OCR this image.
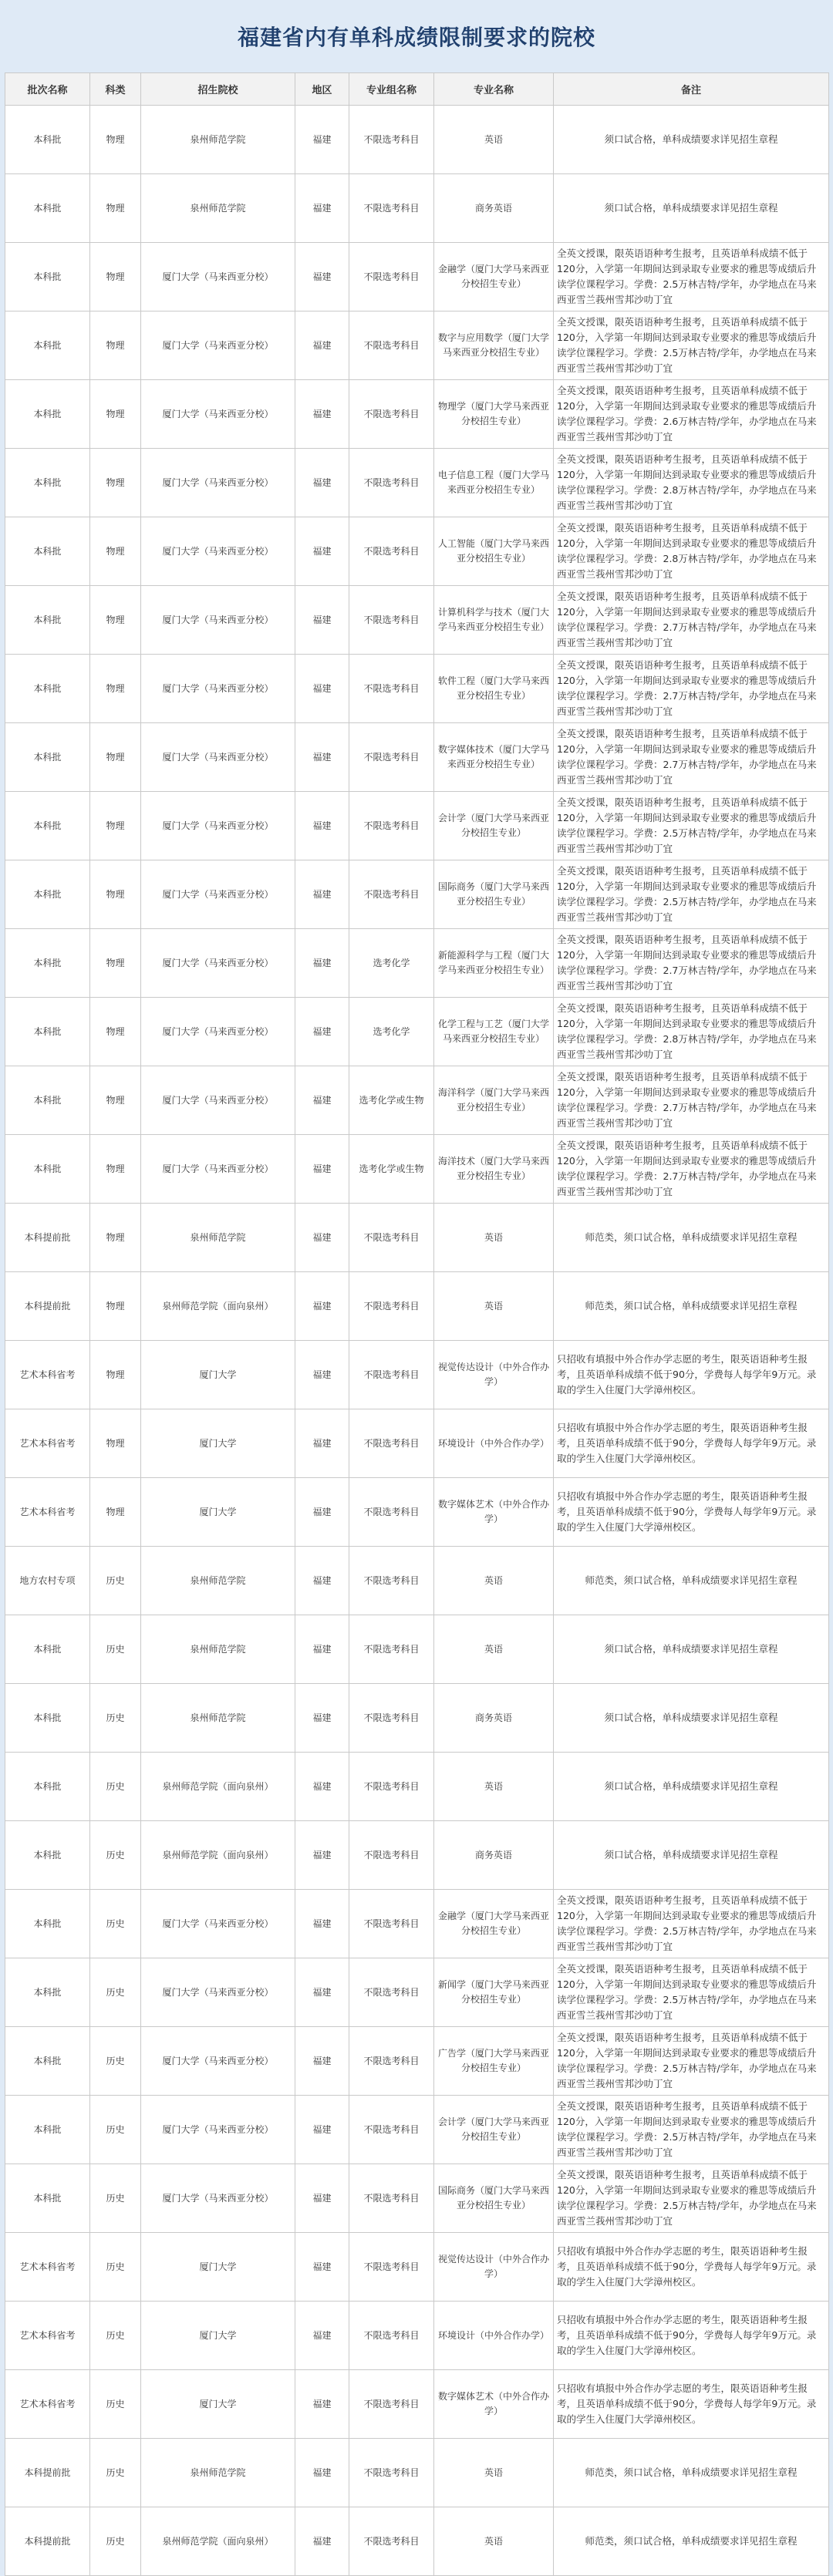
福建省内有单科成绩限制要求的院校
批次名称	科类	招生院校	地区	专业组名称	专业名称	备注
本科批	物理	泉州师范学院	福建	不限选考科目	英语	须口试合格，单科成绩要求详见招生章程
本科批	物理	泉州师范学院	福建	不限选考科目	商务英语	须口试合格，单科成绩要求详见招生章程
本科批	物理	厦门大学（马来西亚分校）	福建	不限选考科目	金融学（厦门大学马来西亚分校招生专业）	全英文授课，限英语语种考生报考，且英语单科成绩不低于120分，入学第一年期间达到录取专业要求的雅思等成绩后升读学位课程学习。学费：2.5万林吉特/学年，办学地点在马来西亚雪兰莪州雪邦沙叻丁宜
本科批	物理	厦门大学（马来西亚分校）	福建	不限选考科目	数字与应用数学（厦门大学马来西亚分校招生专业）	全英文授课，限英语语种考生报考，且英语单科成绩不低于120分，入学第一年期间达到录取专业要求的雅思等成绩后升读学位课程学习。学费：2.5万林吉特/学年，办学地点在马来西亚雪兰莪州雪邦沙叻丁宜
本科批	物理	厦门大学（马来西亚分校）	福建	不限选考科目	物理学（厦门大学马来西亚分校招生专业）	全英文授课，限英语语种考生报考，且英语单科成绩不低于120分，入学第一年期间达到录取专业要求的雅思等成绩后升读学位课程学习。学费：2.6万林吉特/学年，办学地点在马来西亚雪兰莪州雪邦沙叻丁宜
本科批	物理	厦门大学（马来西亚分校）	福建	不限选考科目	电子信息工程（厦门大学马来西亚分校招生专业）	全英文授课，限英语语种考生报考，且英语单科成绩不低于120分，入学第一年期间达到录取专业要求的雅思等成绩后升读学位课程学习。学费：2.8万林吉特/学年，办学地点在马来西亚雪兰莪州雪邦沙叻丁宜
本科批	物理	厦门大学（马来西亚分校）	福建	不限选考科目	人工智能（厦门大学马来西亚分校招生专业）	全英文授课，限英语语种考生报考，且英语单科成绩不低于120分，入学第一年期间达到录取专业要求的雅思等成绩后升读学位课程学习。学费：2.8万林吉特/学年，办学地点在马来西亚雪兰莪州雪邦沙叻丁宜
本科批	物理	厦门大学（马来西亚分校）	福建	不限选考科目	计算机科学与技术（厦门大学马来西亚分校招生专业）	全英文授课，限英语语种考生报考，且英语单科成绩不低于120分，入学第一年期间达到录取专业要求的雅思等成绩后升读学位课程学习。学费：2.7万林吉特/学年，办学地点在马来西亚雪兰莪州雪邦沙叻丁宜
本科批	物理	厦门大学（马来西亚分校）	福建	不限选考科目	软件工程（厦门大学马来西亚分校招生专业）	全英文授课，限英语语种考生报考，且英语单科成绩不低于120分，入学第一年期间达到录取专业要求的雅思等成绩后升读学位课程学习。学费：2.7万林吉特/学年，办学地点在马来西亚雪兰莪州雪邦沙叻丁宜
本科批	物理	厦门大学（马来西亚分校）	福建	不限选考科目	数字媒体技术（厦门大学马来西亚分校招生专业）	全英文授课，限英语语种考生报考，且英语单科成绩不低于120分，入学第一年期间达到录取专业要求的雅思等成绩后升读学位课程学习。学费：2.7万林吉特/学年，办学地点在马来西亚雪兰莪州雪邦沙叻丁宜
本科批	物理	厦门大学（马来西亚分校）	福建	不限选考科目	会计学（厦门大学马来西亚分校招生专业）	全英文授课，限英语语种考生报考，且英语单科成绩不低于120分，入学第一年期间达到录取专业要求的雅思等成绩后升读学位课程学习。学费：2.5万林吉特/学年，办学地点在马来西亚雪兰莪州雪邦沙叻丁宜
本科批	物理	厦门大学（马来西亚分校）	福建	不限选考科目	国际商务（厦门大学马来西亚分校招生专业）	全英文授课，限英语语种考生报考，且英语单科成绩不低于120分，入学第一年期间达到录取专业要求的雅思等成绩后升读学位课程学习。学费：2.5万林吉特/学年，办学地点在马来西亚雪兰莪州雪邦沙叻丁宜
本科批	物理	厦门大学（马来西亚分校）	福建	选考化学	新能源科学与工程（厦门大学马来西亚分校招生专业）	全英文授课，限英语语种考生报考，且英语单科成绩不低于120分，入学第一年期间达到录取专业要求的雅思等成绩后升读学位课程学习。学费：2.7万林吉特/学年，办学地点在马来西亚雪兰莪州雪邦沙叻丁宜
本科批	物理	厦门大学（马来西亚分校）	福建	选考化学	化学工程与工艺（厦门大学马来西亚分校招生专业）	全英文授课，限英语语种考生报考，且英语单科成绩不低于120分，入学第一年期间达到录取专业要求的雅思等成绩后升读学位课程学习。学费：2.8万林吉特/学年，办学地点在马来西亚雪兰莪州雪邦沙叻丁宜
本科批	物理	厦门大学（马来西亚分校）	福建	选考化学或生物	海洋科学（厦门大学马来西亚分校招生专业）	全英文授课，限英语语种考生报考，且英语单科成绩不低于120分，入学第一年期间达到录取专业要求的雅思等成绩后升读学位课程学习。学费：2.7万林吉特/学年，办学地点在马来西亚雪兰莪州雪邦沙叻丁宜
本科批	物理	厦门大学（马来西亚分校）	福建	选考化学或生物	海洋技术（厦门大学马来西亚分校招生专业）	全英文授课，限英语语种考生报考，且英语单科成绩不低于120分，入学第一年期间达到录取专业要求的雅思等成绩后升读学位课程学习。学费：2.7万林吉特/学年，办学地点在马来西亚雪兰莪州雪邦沙叻丁宜
本科提前批	物理	泉州师范学院	福建	不限选考科目	英语	师范类，须口试合格，单科成绩要求详见招生章程
本科提前批	物理	泉州师范学院（面向泉州）	福建	不限选考科目	英语	师范类，须口试合格，单科成绩要求详见招生章程
艺术本科省考	物理	厦门大学	福建	不限选考科目	视觉传达设计（中外合作办学）	只招收有填报中外合作办学志愿的考生，限英语语种考生报考，且英语单科成绩不低于90分，学费每人每学年9万元。录取的学生入住厦门大学漳州校区。
艺术本科省考	物理	厦门大学	福建	不限选考科目	环境设计（中外合作办学）	只招收有填报中外合作办学志愿的考生，限英语语种考生报考，且英语单科成绩不低于90分，学费每人每学年9万元。录取的学生入住厦门大学漳州校区。
艺术本科省考	物理	厦门大学	福建	不限选考科目	数字媒体艺术（中外合作办学）	只招收有填报中外合作办学志愿的考生，限英语语种考生报考，且英语单科成绩不低于90分，学费每人每学年9万元。录取的学生入住厦门大学漳州校区。
地方农村专项	历史	泉州师范学院	福建	不限选考科目	英语	师范类，须口试合格，单科成绩要求详见招生章程
本科批	历史	泉州师范学院	福建	不限选考科目	英语	须口试合格，单科成绩要求详见招生章程
本科批	历史	泉州师范学院	福建	不限选考科目	商务英语	须口试合格，单科成绩要求详见招生章程
本科批	历史	泉州师范学院（面向泉州）	福建	不限选考科目	英语	须口试合格，单科成绩要求详见招生章程
本科批	历史	泉州师范学院（面向泉州）	福建	不限选考科目	商务英语	须口试合格，单科成绩要求详见招生章程
本科批	历史	厦门大学（马来西亚分校）	福建	不限选考科目	金融学（厦门大学马来西亚分校招生专业）	全英文授课，限英语语种考生报考，且英语单科成绩不低于120分，入学第一年期间达到录取专业要求的雅思等成绩后升读学位课程学习。学费：2.5万林吉特/学年，办学地点在马来西亚雪兰莪州雪邦沙叻丁宜
本科批	历史	厦门大学（马来西亚分校）	福建	不限选考科目	新闻学（厦门大学马来西亚分校招生专业）	全英文授课，限英语语种考生报考，且英语单科成绩不低于120分，入学第一年期间达到录取专业要求的雅思等成绩后升读学位课程学习。学费：2.5万林吉特/学年，办学地点在马来西亚雪兰莪州雪邦沙叻丁宜
本科批	历史	厦门大学（马来西亚分校）	福建	不限选考科目	广告学（厦门大学马来西亚分校招生专业）	全英文授课，限英语语种考生报考，且英语单科成绩不低于120分，入学第一年期间达到录取专业要求的雅思等成绩后升读学位课程学习。学费：2.5万林吉特/学年，办学地点在马来西亚雪兰莪州雪邦沙叻丁宜
本科批	历史	厦门大学（马来西亚分校）	福建	不限选考科目	会计学（厦门大学马来西亚分校招生专业）	全英文授课，限英语语种考生报考，且英语单科成绩不低于120分，入学第一年期间达到录取专业要求的雅思等成绩后升读学位课程学习。学费：2.5万林吉特/学年，办学地点在马来西亚雪兰莪州雪邦沙叻丁宜
本科批	历史	厦门大学（马来西亚分校）	福建	不限选考科目	国际商务（厦门大学马来西亚分校招生专业）	全英文授课，限英语语种考生报考，且英语单科成绩不低于120分，入学第一年期间达到录取专业要求的雅思等成绩后升读学位课程学习。学费：2.5万林吉特/学年，办学地点在马来西亚雪兰莪州雪邦沙叻丁宜
艺术本科省考	历史	厦门大学	福建	不限选考科目	视觉传达设计（中外合作办学）	只招收有填报中外合作办学志愿的考生，限英语语种考生报考，且英语单科成绩不低于90分，学费每人每学年9万元。录取的学生入住厦门大学漳州校区。
艺术本科省考	历史	厦门大学	福建	不限选考科目	环境设计（中外合作办学）	只招收有填报中外合作办学志愿的考生，限英语语种考生报考，且英语单科成绩不低于90分，学费每人每学年9万元。录取的学生入住厦门大学漳州校区。
艺术本科省考	历史	厦门大学	福建	不限选考科目	数字媒体艺术（中外合作办学）	只招收有填报中外合作办学志愿的考生，限英语语种考生报考，且英语单科成绩不低于90分，学费每人每学年9万元。录取的学生入住厦门大学漳州校区。
本科提前批	历史	泉州师范学院	福建	不限选考科目	英语	师范类，须口试合格，单科成绩要求详见招生章程
本科提前批	历史	泉州师范学院（面向泉州）	福建	不限选考科目	英语	师范类，须口试合格，单科成绩要求详见招生章程
